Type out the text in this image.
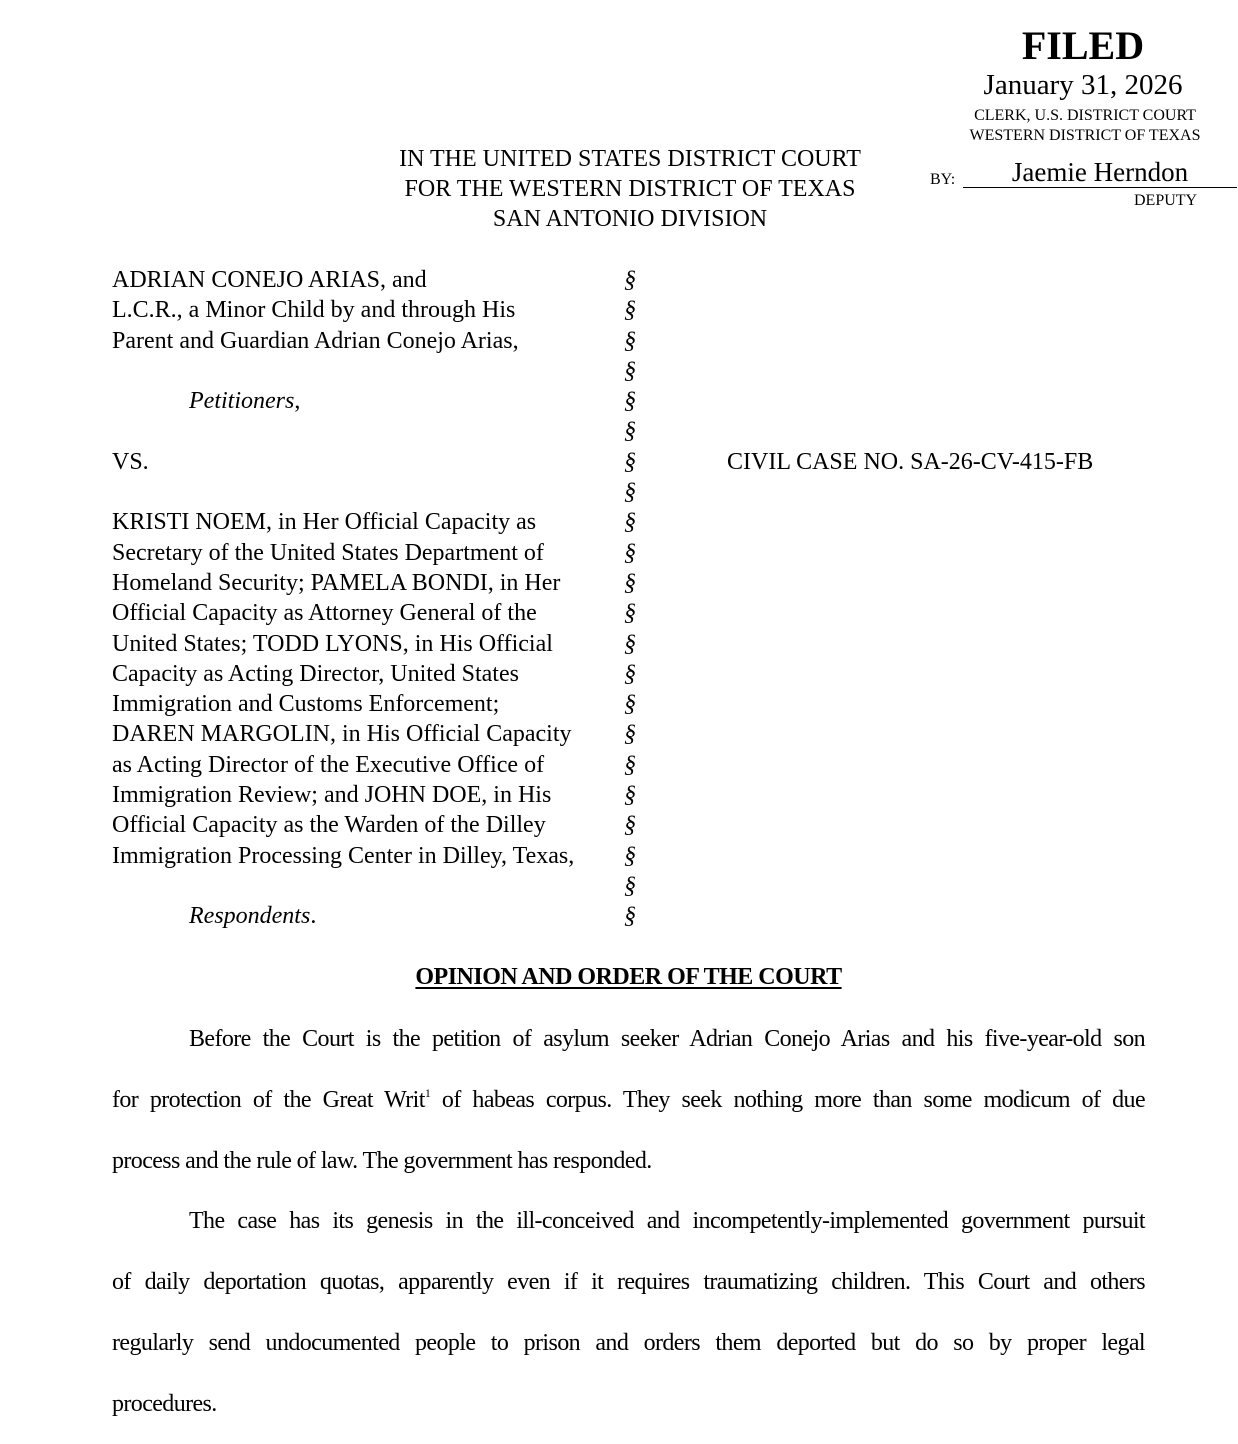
FILED
January 31, 2026
CLERK, U.S. DISTRICT COURT
WESTERN DISTRICT OF TEXAS
BY:	Jaemie Herndon
DEPUTY
IN THE UNITED STATES DISTRICT COURT
FOR THE WESTERN DISTRICT OF TEXAS
SAN ANTONIO DIVISION
ADRIAN CONEJO ARIAS, and
L.C.R., a Minor Child by and through His
Parent and Guardian Adrian Conejo Arias,
Petitioners,
VS.
KRISTI NOEM, in Her Official Capacity as
Secretary of the United States Department of
Homeland Security; PAMELA BONDI, in Her
Official Capacity as Attorney General of the
United States; TODD LYONS, in His Official
Capacity as Acting Director, United States
Immigration and Customs Enforcement;
DAREN MARGOLIN, in His Official Capacity
as Acting Director of the Executive Office of
Immigration Review; and JOHN DOE, in His
Official Capacity as the Warden of the Dilley
Immigration Processing Center in Dilley, Texas,
Respondents.
§
§
§
§
§
§
§
§
§
§
§
§
§
§
§
§
§
§
§
§
§
§
CIVIL CASE NO. SA-26-CV-415-FB
OPINION AND ORDER OF THE COURT
Before the Court is the petition of asylum seeker Adrian Conejo Arias and his five-year-old son
for protection of the Great Writ$^1$ of habeas corpus. They seek nothing more than some modicum of due
process and the rule of law. The government has responded.
The case has its genesis in the ill-conceived and incompetently-implemented government pursuit
of daily deportation quotas, apparently even if it requires traumatizing children. This Court and others
regularly send undocumented people to prison and orders them deported but do so by proper legal
procedures.
